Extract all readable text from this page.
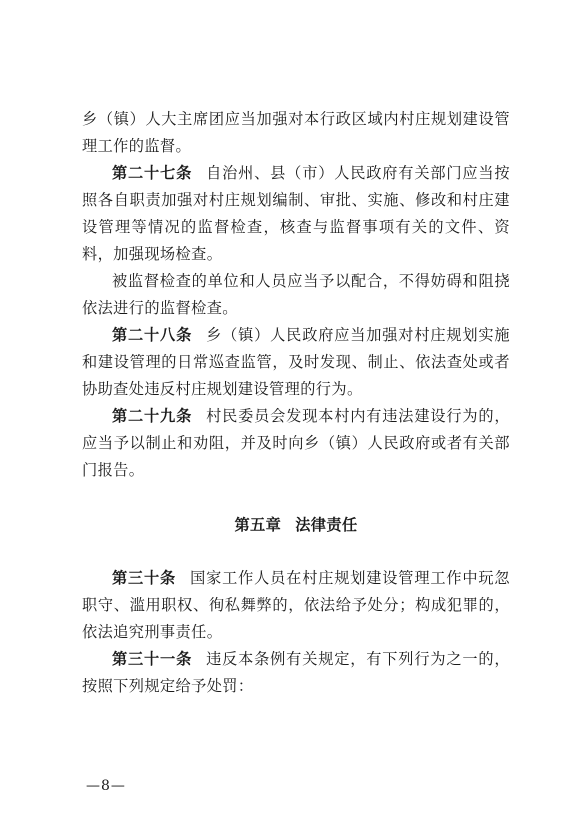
乡（镇）人大主席团应当加强对本行政区域内村庄规划建设管理工作的监督。

第二十七条 自治州、县（市）人民政府有关部门应当按照各自职责加强对村庄规划编制、审批、实施、修改和村庄建设管理等情况的监督检查，核查与监督事项有关的文件、资料，加强现场检查。

被监督检查的单位和人员应当予以配合，不得妨碍和阻挠依法进行的监督检查。

第二十八条 乡（镇）人民政府应当加强对村庄规划实施和建设管理的日常巡查监管，及时发现、制止、依法查处或者协助查处违反村庄规划建设管理的行为。

第二十九条 村民委员会发现本村内有违法建设行为的，应当予以制止和劝阻，并及时向乡（镇）人民政府或者有关部门报告。

第五章 法律责任

第三十条 国家工作人员在村庄规划建设管理工作中玩忽职守、滥用职权、徇私舞弊的，依法给予处分；构成犯罪的，依法追究刑事责任。

第三十一条 违反本条例有关规定，有下列行为之一的，按照下列规定给予处罚：

—8—
